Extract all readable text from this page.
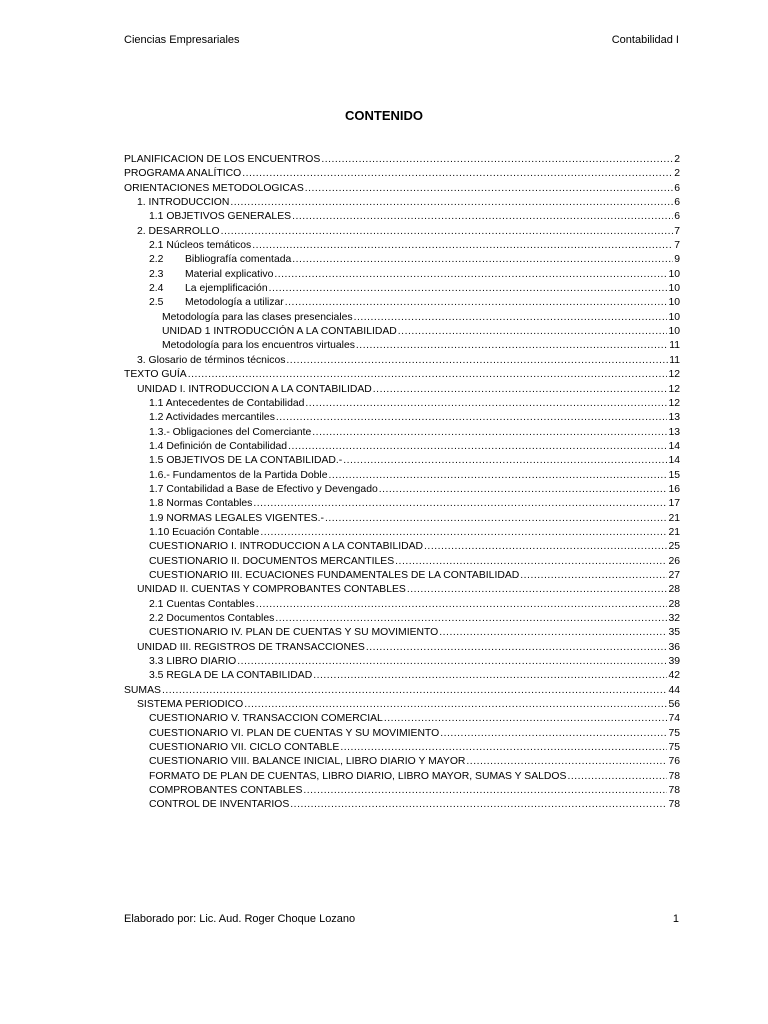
Ciencias Empresariales	Contabilidad I
CONTENIDO
PLANIFICACION DE LOS ENCUENTROS .....	2
PROGRAMA ANALÍTICO .....	2
ORIENTACIONES METODOLOGICAS .....	6
1. INTRODUCCION .....	6
1.1 OBJETIVOS GENERALES .....	6
2. DESARROLLO .....	7
2.1 Núcleos temáticos .....	7
2.2 Bibliografía comentada .....	9
2.3 Material explicativo .....	10
2.4 La ejemplificación .....	10
2.5 Metodología a utilizar .....	10
Metodología para las clases presenciales .....	10
UNIDAD 1 INTRODUCCIÓN A LA CONTABILIDAD .....	10
Metodología para los encuentros virtuales .....	11
3. Glosario de términos técnicos .....	11
TEXTO GUÍA .....	12
UNIDAD I. INTRODUCCION A LA CONTABILIDAD .....	12
1.1 Antecedentes de Contabilidad .....	12
1.2 Actividades mercantiles .....	13
1.3.- Obligaciones del Comerciante .....	13
1.4 Definición de Contabilidad .....	14
1.5 OBJETIVOS DE LA CONTABILIDAD.- .....	14
1.6.- Fundamentos de la Partida Doble .....	15
1.7 Contabilidad a Base de Efectivo y Devengado .....	16
1.8 Normas Contables .....	17
1.9 NORMAS LEGALES VIGENTES.- .....	21
1.10 Ecuación Contable .....	21
CUESTIONARIO I. INTRODUCCION A LA CONTABILIDAD .....	25
CUESTIONARIO II. DOCUMENTOS MERCANTILES .....	26
CUESTIONARIO III. ECUACIONES FUNDAMENTALES DE LA CONTABILIDAD .....	27
UNIDAD II. CUENTAS Y COMPROBANTES CONTABLES .....	28
2.1 Cuentas Contables .....	28
2.2 Documentos Contables .....	32
CUESTIONARIO IV. PLAN DE CUENTAS Y SU MOVIMIENTO .....	35
UNIDAD III. REGISTROS DE TRANSACCIONES .....	36
3.3 LIBRO DIARIO .....	39
3.5 REGLA DE LA CONTABILIDAD .....	42
SUMAS .....	44
SISTEMA PERIODICO .....	56
CUESTIONARIO V. TRANSACCION COMERCIAL .....	74
CUESTIONARIO VI. PLAN DE CUENTAS Y SU MOVIMIENTO .....	75
CUESTIONARIO VII. CICLO CONTABLE .....	75
CUESTIONARIO VIII. BALANCE INICIAL, LIBRO DIARIO Y MAYOR .....	76
FORMATO DE PLAN DE CUENTAS, LIBRO DIARIO, LIBRO MAYOR, SUMAS Y SALDOS .....	78
COMPROBANTES CONTABLES .....	78
CONTROL DE INVENTARIOS .....	78
Elaborado por: Lic. Aud. Roger Choque Lozano	1
